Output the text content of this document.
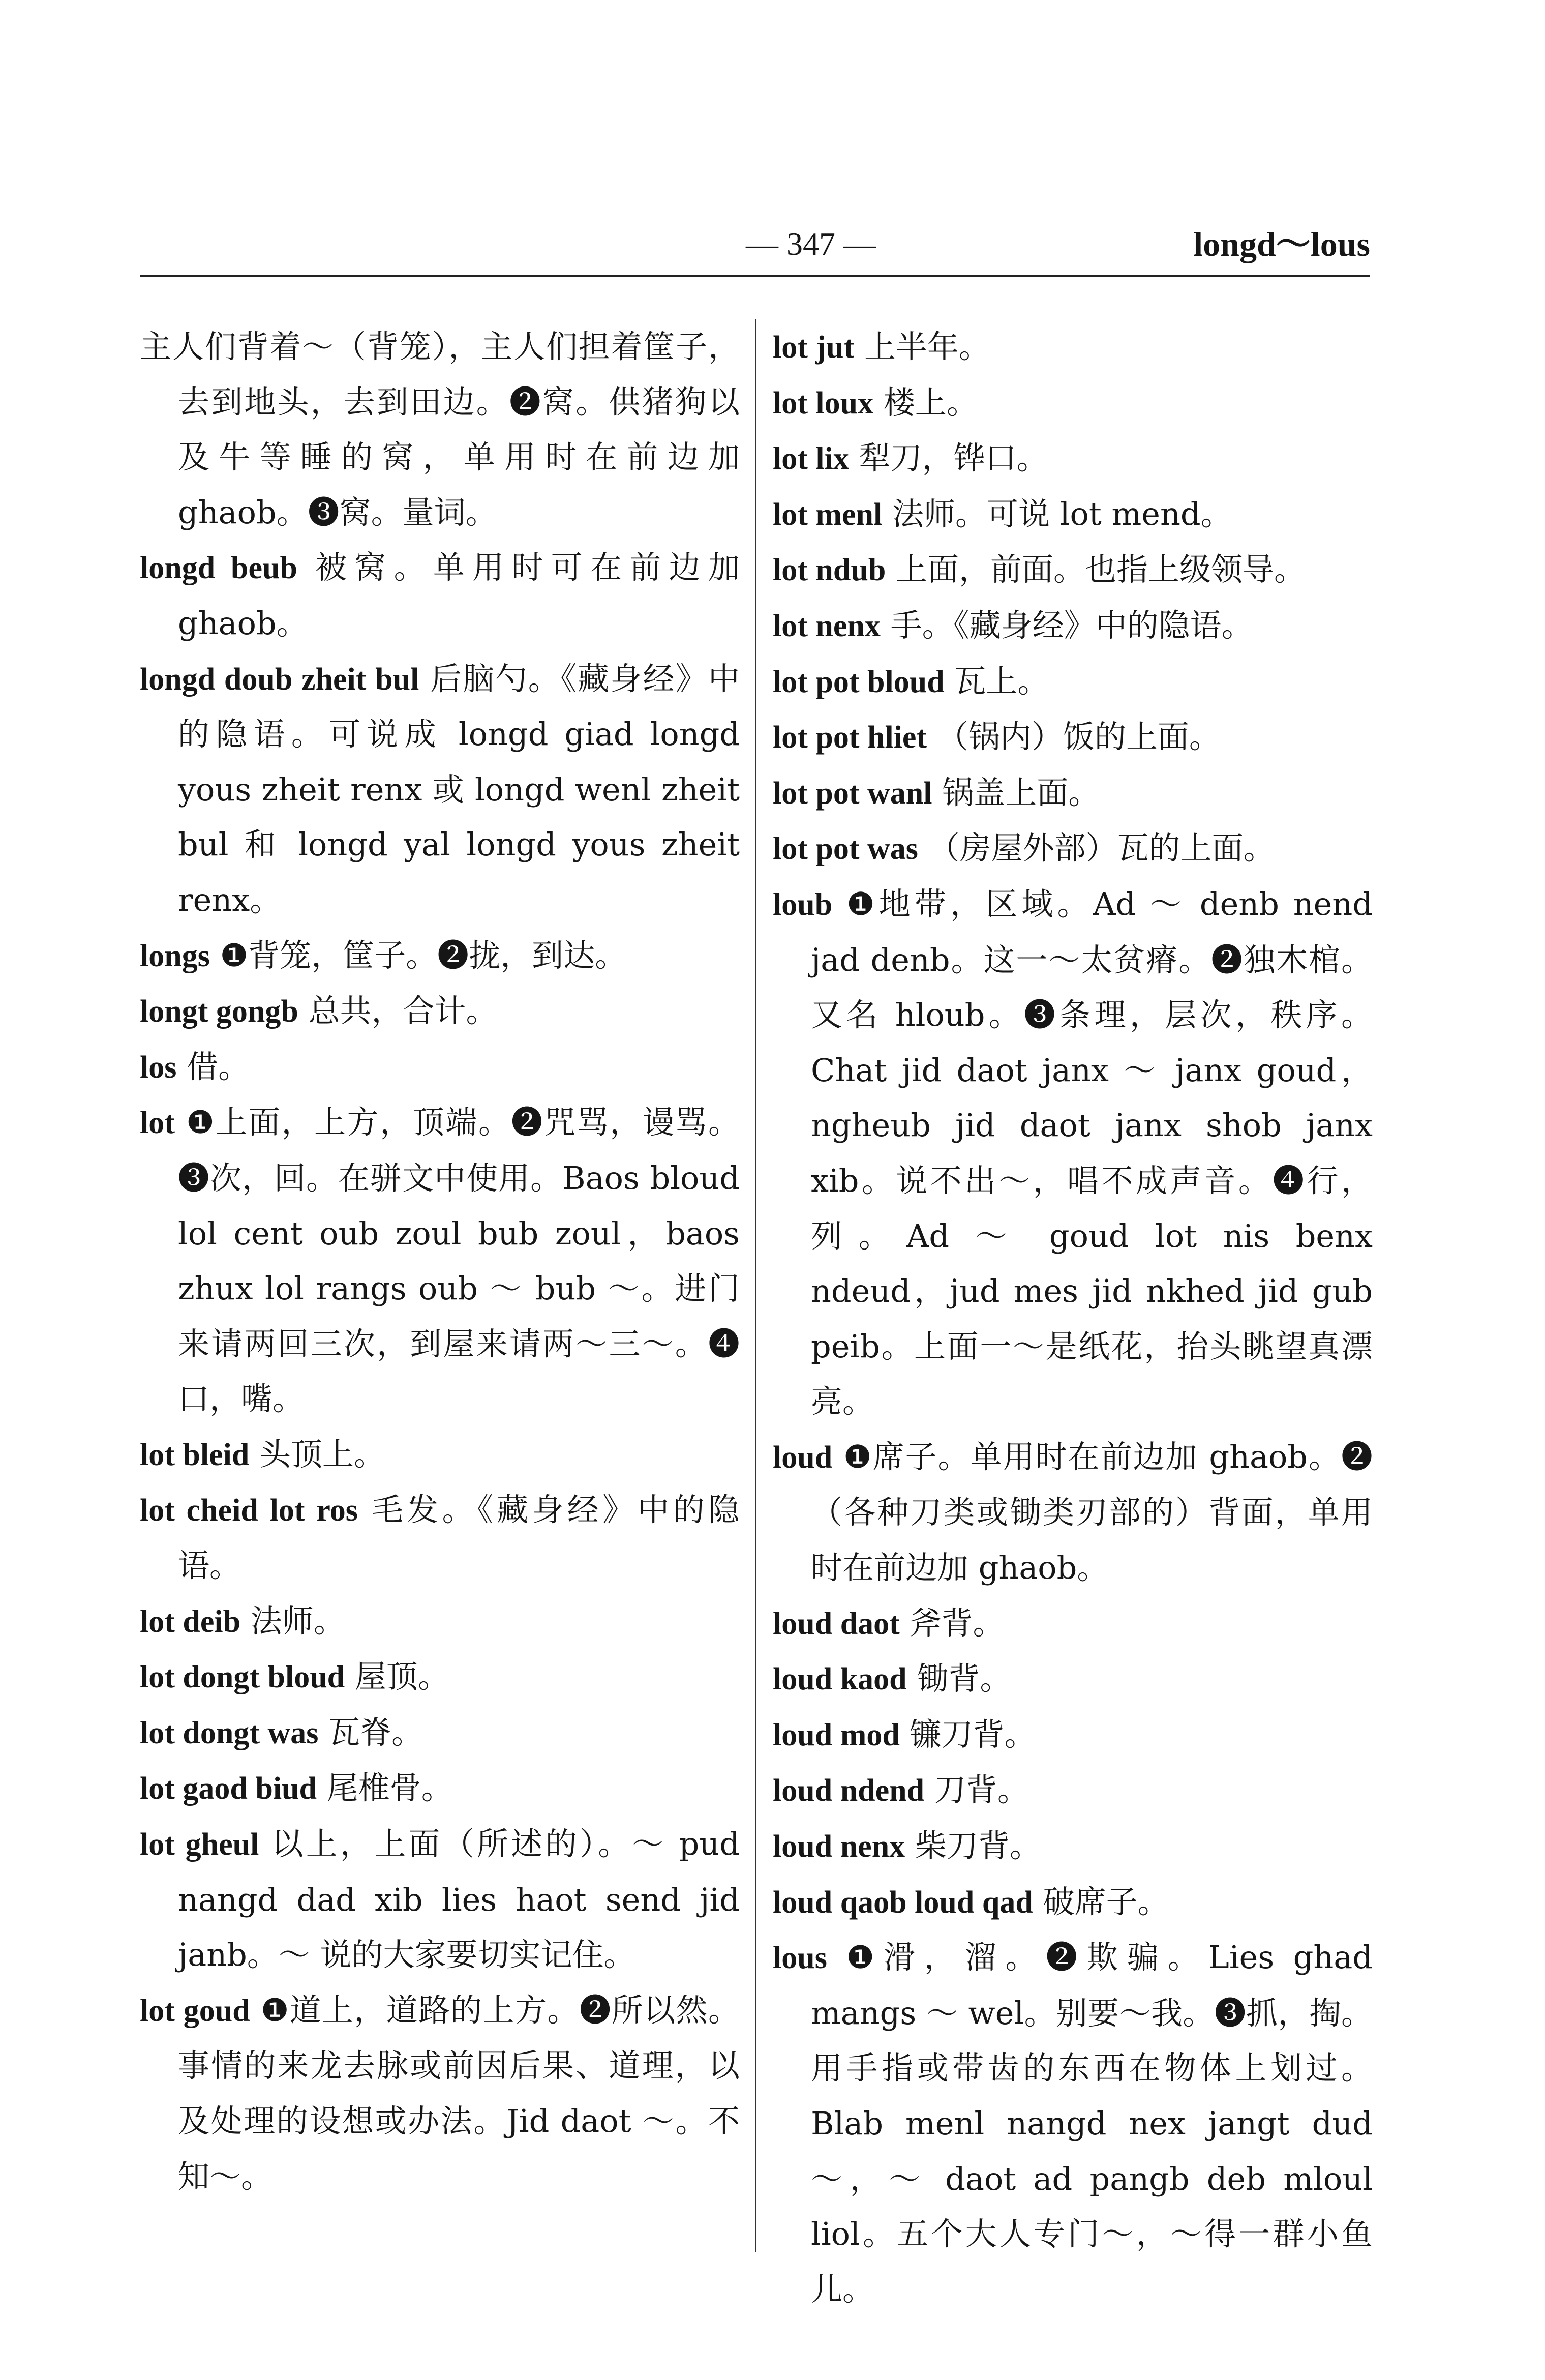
— 347 —	longd～lous

主人们背着～（背笼），主人们担着筐子，去到地头，去到田边。❷窝。供猪狗以及牛等睡的窝，单用时在前边加 ghaob。❸窝。量词。

longd beub 被窝。单用时可在前边加 ghaob。

longd doub zheit bul 后脑勺。《藏身经》中的隐语。可说成 longd giad longd yous zheit renx 或 longd wenl zheit bul 和 longd yal longd yous zheit renx。

longs ❶背笼，筐子。❷拢，到达。

longt gongb 总共，合计。

los 借。

lot ❶上面，上方，顶端。❷咒骂，谩骂。❸次，回。在骈文中使用。Baos bloud lol cent oub zoul bub zoul，baos zhux lol rangs oub ～ bub ～。进门来请两回三次，到屋来请两～三～。❹口，嘴。

lot bleid 头顶上。

lot cheid lot ros 毛发。《藏身经》中的隐语。

lot deib 法师。

lot dongt bloud 屋顶。

lot dongt was 瓦脊。

lot gaod biud 尾椎骨。

lot gheul 以上，上面（所述的）。～ pud nangd dad xib lies haot send jid janb。～ 说的大家要切实记住。

lot goud ❶道上，道路的上方。❷所以然。事情的来龙去脉或前因后果、道理，以及处理的设想或办法。Jid daot ～。不知～。

lot jut 上半年。

lot loux 楼上。

lot lix 犁刀，铧口。

lot menl 法师。可说 lot mend。

lot ndub 上面，前面。也指上级领导。

lot nenx 手。《藏身经》中的隐语。

lot pot bloud 瓦上。

lot pot hliet （锅内）饭的上面。

lot pot wanl 锅盖上面。

lot pot was （房屋外部）瓦的上面。

loub ❶地带，区域。Ad ～ denb nend jad denb。这一～太贫瘠。❷独木棺。又名 hloub。❸条理，层次，秩序。Chat jid daot janx ～ janx goud，ngheub jid daot janx shob janx xib。说不出～，唱不成声音。❹行，列。Ad ～ goud lot nis benx ndeud，jud mes jid nkhed jid gub peib。上面一～是纸花，抬头眺望真漂亮。

loud ❶席子。单用时在前边加 ghaob。❷（各种刀类或锄类刃部的）背面，单用时在前边加 ghaob。

loud daot 斧背。

loud kaod 锄背。

loud mod 镰刀背。

loud ndend 刀背。

loud nenx 柴刀背。

loud qaob loud qad 破席子。

lous ❶滑，溜。❷欺骗。Lies ghad mangs ～ wel。别要～我。❸抓，掏。用手指或带齿的东西在物体上划过。Blab menl nangd nex jangt dud ～，～ daot ad pangb deb mloul liol。五个大人专门～，～得一群小鱼儿。
